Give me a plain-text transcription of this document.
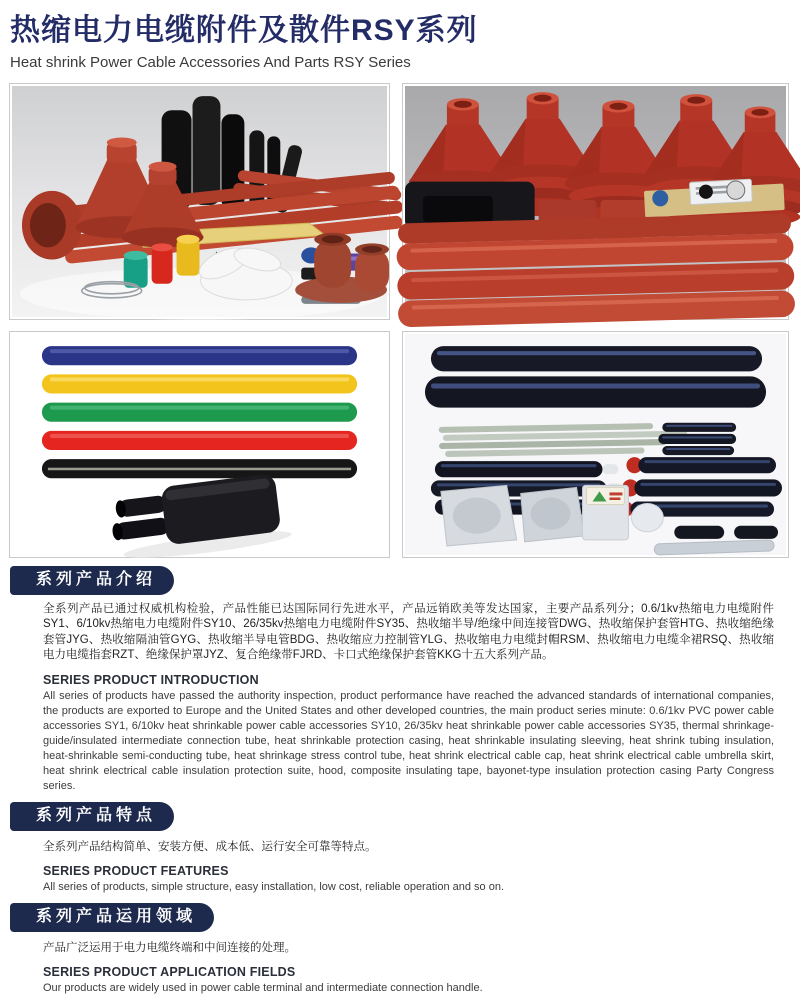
热缩电力电缆附件及散件RSY系列
Heat shrink Power Cable Accessories And Parts RSY Series
系列产品介绍

全系列产品已通过权威机构检验，产品性能已达国际同行先进水平，产品远销欧美等发达国家，主要产品系列分；0.6/1kv热缩电力电缆附件SY1、6/10kv热缩电力电缆附件SY10、26/35kv热缩电力电缆附件SY35、热收缩半导/绝缘中间连接管DWG、热收缩保护套管HTG、热收缩绝缘套管JYG、热收缩隔油管GYG、热收缩半导电管BDG、热收缩应力控制管YLG、热收缩电力电缆封帽RSM、热收缩电力电缆伞裙RSQ、热收缩电力电缆指套RZT、绝缘保护罩JYZ、复合绝缘带FJRD、卡口式绝缘保护套管KKG十五大系列产品。

SERIES PRODUCT INTRODUCTION

All series of products have passed the authority inspection, product performance have reached the advanced standards of international companies, the products are exported to Europe and the United States and other developed countries, the main product series minute: 0.6/1kv PVC power cable accessories SY1, 6/10kv heat shrinkable power cable accessories SY10, 26/35kv heat shrinkable power cable accessories SY35, thermal shrinkage-guide/insulated intermediate connection tube, heat shrinkable protection casing, heat shrinkable insulating sleeving, heat shrink tubing insulation, heat-shrinkable semi-conducting tube, heat shrinkage stress control tube, heat shrink electrical cable cap, heat shrink electrical cable umbrella skirt, heat shrink electrical cable insulation protection suite, hood, composite insulating tape, bayonet-type insulation protection casing Party Congress series.

系列产品特点

全系列产品结构简单、安装方便、成本低、运行安全可靠等特点。

SERIES PRODUCT FEATURES

All series of products, simple structure, easy installation, low cost, reliable operation and so on.

系列产品运用领域

产品广泛运用于电力电缆终端和中间连接的处理。

SERIES PRODUCT APPLICATION FIELDS

Our products are widely used in power cable terminal and intermediate connection handle.
